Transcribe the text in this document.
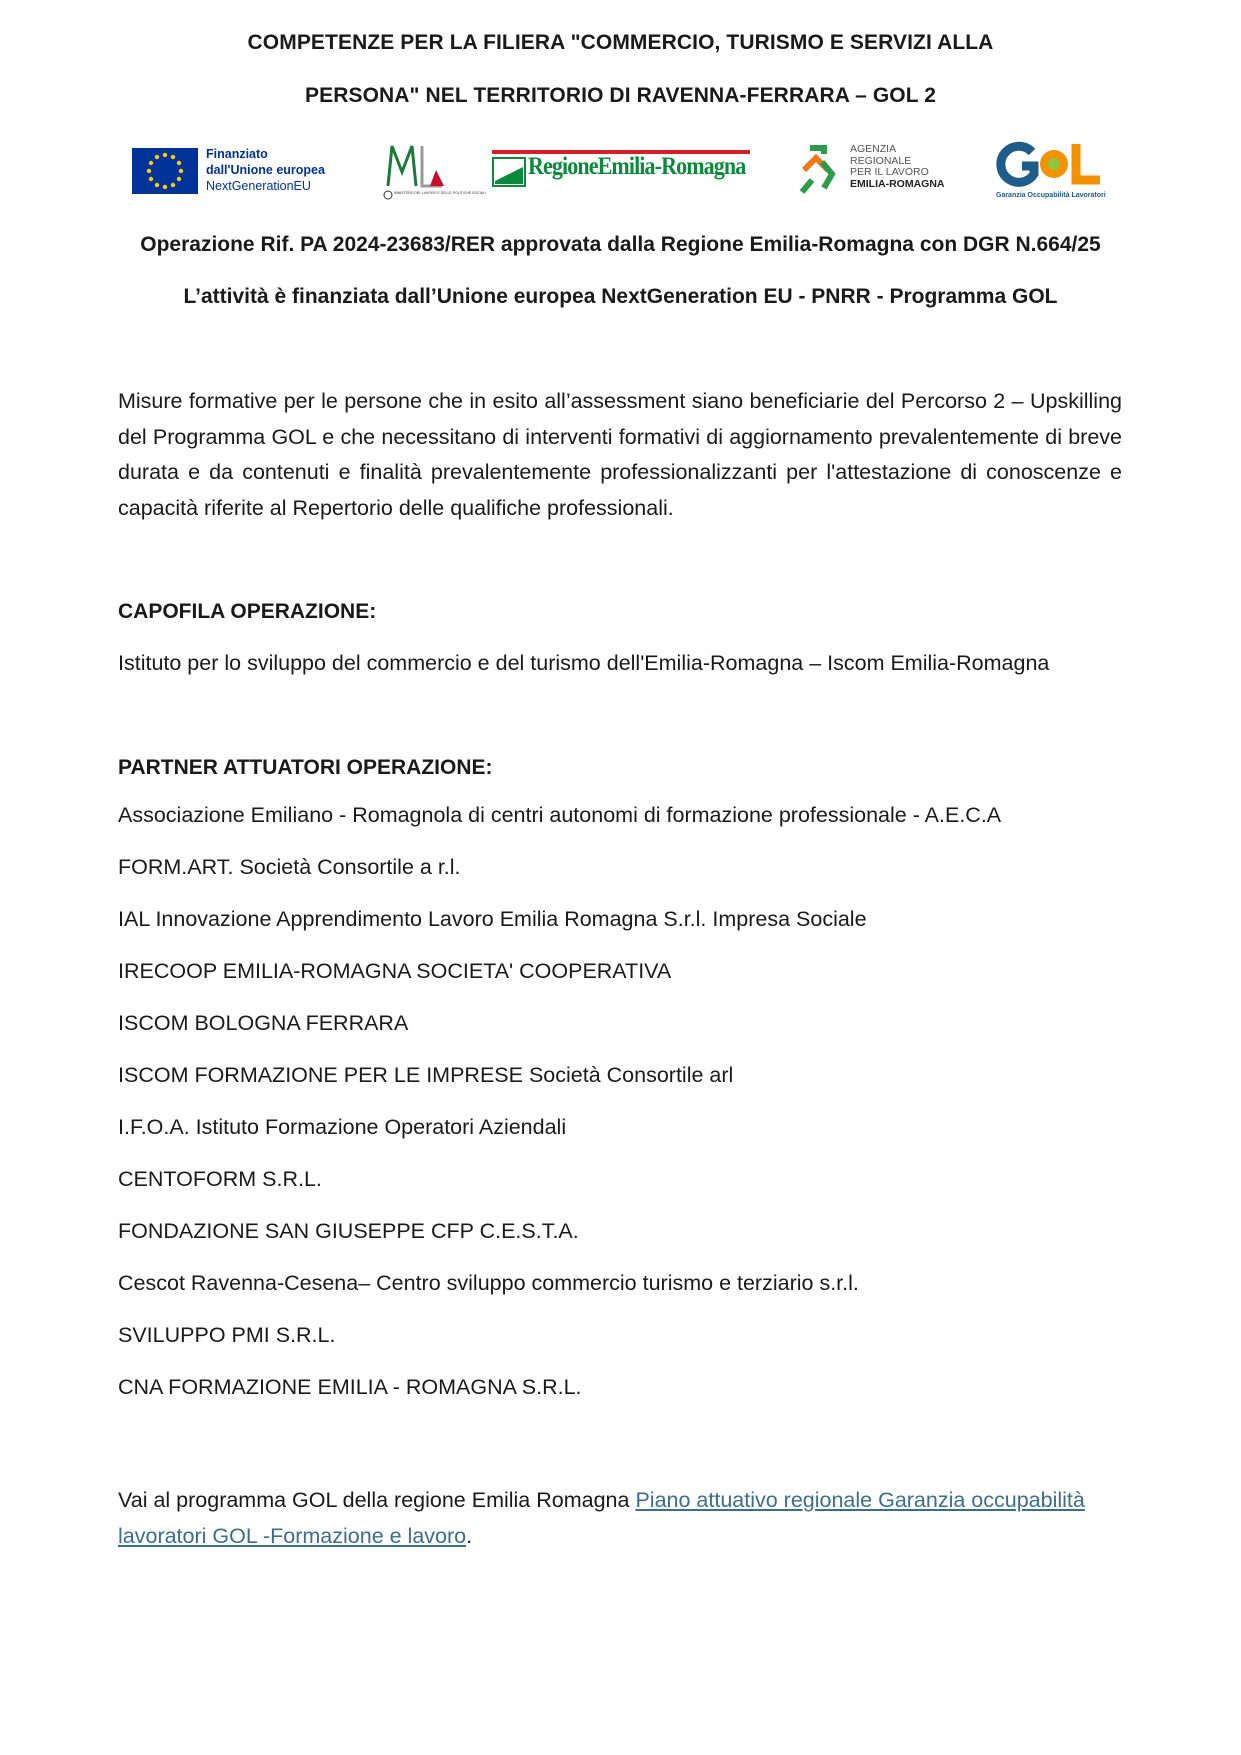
COMPETENZE PER LA FILIERA "COMMERCIO, TURISMO E SERVIZI ALLA
PERSONA" NEL TERRITORIO DI RAVENNA-FERRARA – GOL 2
Finanziato
dall'Unione europea
NextGenerationEU	MINISTERO DEL LAVORO E DELLE POLITICHE SOCIALI
RegioneEmilia-Romagna
AGENZIA
REGIONALE
PER IL LAVORO
EMILIA-ROMAGNA
Garanzia Occupabilità Lavoratori
Operazione Rif. PA 2024-23683/RER approvata dalla Regione Emilia-Romagna con DGR N.664/25
L’attività è finanziata dall’Unione europea NextGeneration EU - PNRR - Programma GOL
Misure formative per le persone che in esito all’assessment siano beneficiarie del Percorso 2 – Upskilling del Programma GOL e che necessitano di interventi formativi di aggiornamento prevalentemente di breve durata e da contenuti e finalità prevalentemente professionalizzanti per l'attestazione di conoscenze e capacità riferite al Repertorio delle qualifiche professionali.
CAPOFILA OPERAZIONE:
Istituto per lo sviluppo del commercio e del turismo dell'Emilia-Romagna – Iscom Emilia-Romagna
PARTNER ATTUATORI OPERAZIONE:
Associazione Emiliano - Romagnola di centri autonomi di formazione professionale - A.E.C.A
FORM.ART. Società Consortile a r.l.
IAL Innovazione Apprendimento Lavoro Emilia Romagna S.r.l. Impresa Sociale
IRECOOP EMILIA-ROMAGNA SOCIETA' COOPERATIVA
ISCOM BOLOGNA FERRARA
ISCOM FORMAZIONE PER LE IMPRESE Società Consortile arl
I.F.O.A. Istituto Formazione Operatori Aziendali
CENTOFORM S.R.L.
FONDAZIONE SAN GIUSEPPE CFP C.E.S.T.A.
Cescot Ravenna-Cesena– Centro sviluppo commercio turismo e terziario s.r.l.
SVILUPPO PMI S.R.L.
CNA FORMAZIONE EMILIA - ROMAGNA S.R.L.
Vai al programma GOL della regione Emilia Romagna Piano attuativo regionale Garanzia occupabilità lavoratori GOL -Formazione e lavoro.
